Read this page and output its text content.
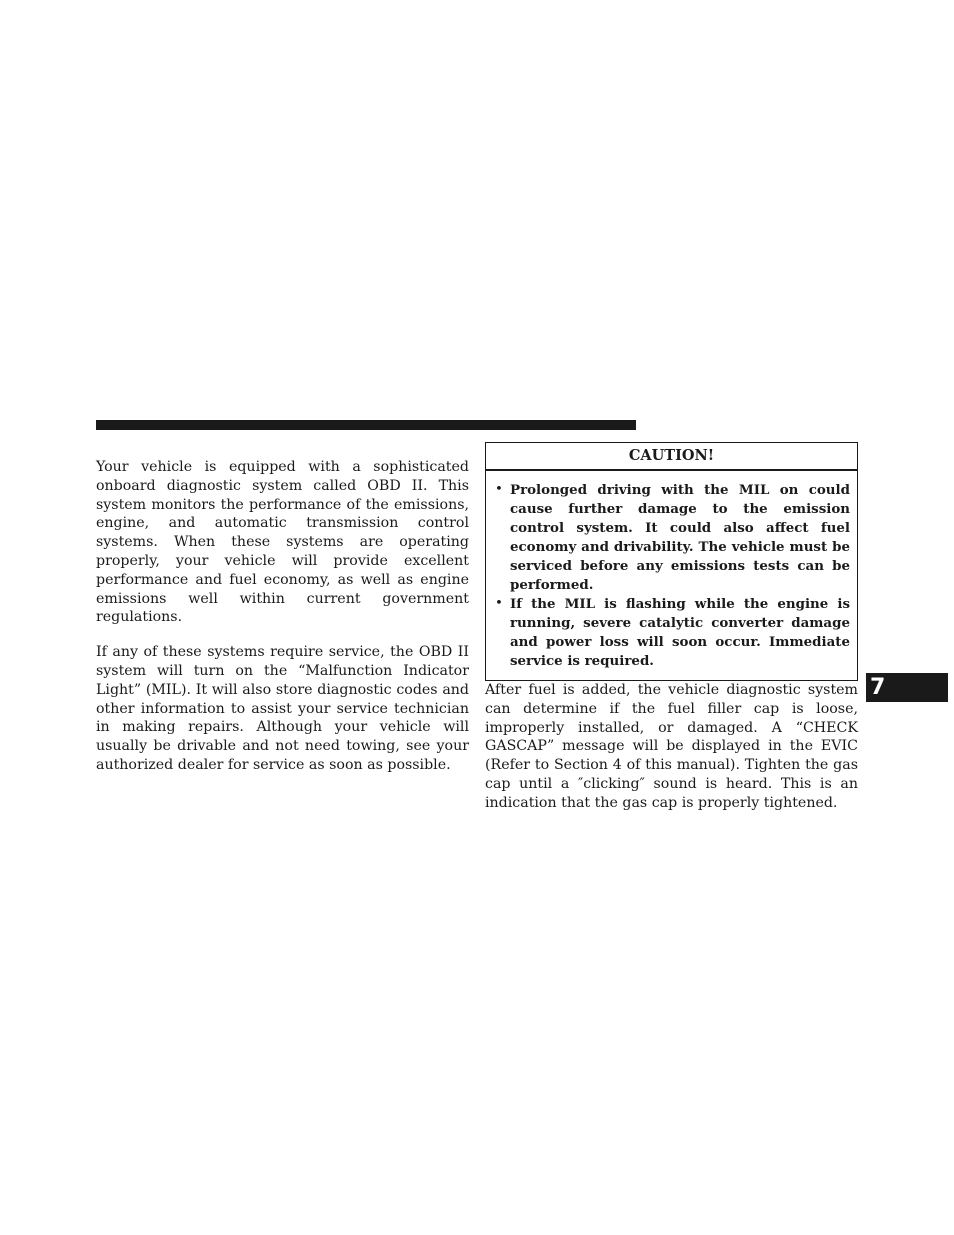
Your vehicle is equipped with a sophisticated onboard diagnostic system called OBD II. This system monitors the performance of the emissions, engine, and automatic transmission control systems. When these systems are operating properly, your vehicle will provide excellent performance and fuel economy, as well as engine emissions well within current government regulations.

If any of these systems require service, the OBD II system will turn on the “Malfunction Indicator Light” (MIL). It will also store diagnostic codes and other information to assist your service technician in making repairs. Although your vehicle will usually be drivable and not need towing, see your authorized dealer for service as soon as possible.

CAUTION!
• Prolonged driving with the MIL on could cause further damage to the emission control system. It could also affect fuel economy and drivability. The vehicle must be serviced before any emissions tests can be performed.
• If the MIL is flashing while the engine is running, severe catalytic converter damage and power loss will soon occur. Immediate service is required.

After fuel is added, the vehicle diagnostic system can determine if the fuel filler cap is loose, improperly installed, or damaged. A “CHECK GASCAP” message will be displayed in the EVIC (Refer to Section 4 of this manual). Tighten the gas cap until a ″clicking″ sound is heard. This is an indication that the gas cap is properly tightened.

7
